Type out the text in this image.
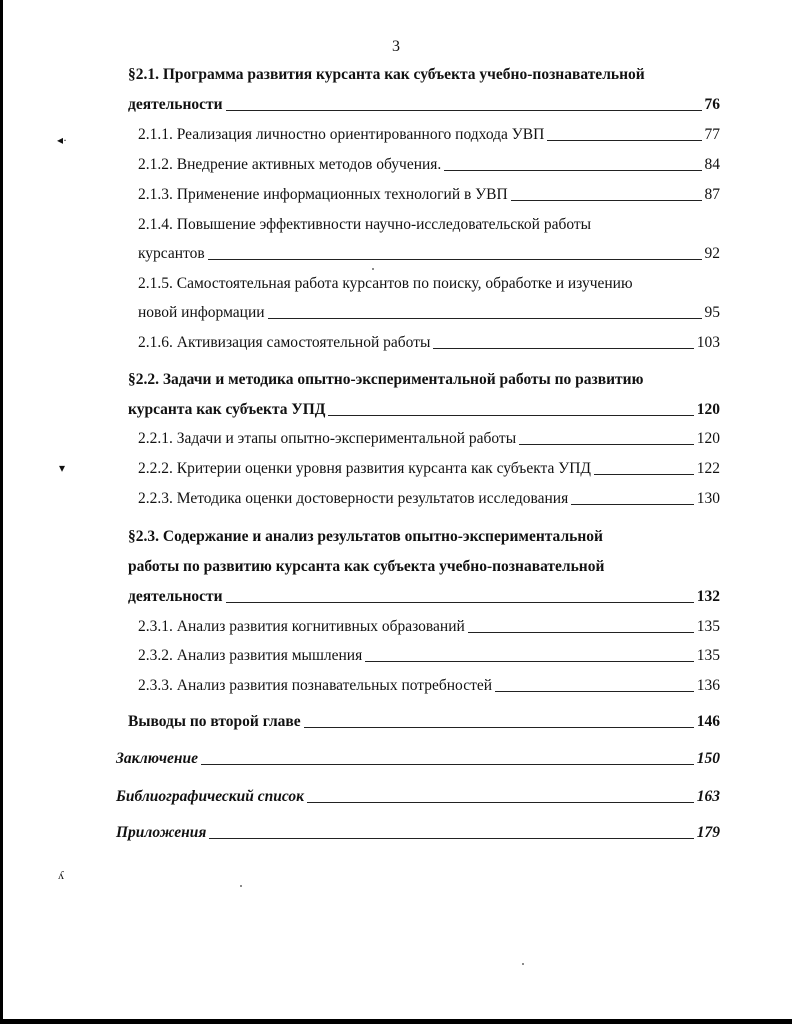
◂·
▾
ʎ
3
§2.1. Программа развития курсанта как субъекта учебно-познавательной
деятельности	76
2.1.1. Реализация личностно ориентированного подхода УВП	77
2.1.2. Внедрение активных методов обучения.	84
2.1.3. Применение информационных технологий в УВП	87
2.1.4. Повышение эффективности научно-исследовательской работы
курсантов	92
2.1.5. Самостоятельная работа курсантов по поиску, обработке и изучению
новой информации	95
2.1.6. Активизация самостоятельной работы	103
§2.2. Задачи и методика опытно-экспериментальной работы по развитию
курсанта как субъекта УПД	120
2.2.1. Задачи и этапы опытно-экспериментальной работы	120
2.2.2. Критерии оценки уровня развития курсанта как субъекта УПД	122
2.2.3. Методика оценки достоверности результатов исследования	130
§2.3. Содержание и анализ результатов опытно-экспериментальной
работы по развитию курсанта как субъекта учебно-познавательной
деятельности	132
2.3.1. Анализ развития когнитивных образований	135
2.3.2. Анализ развития мышления	135
2.3.3. Анализ развития познавательных потребностей	136
Выводы по второй главе	146
Заключение	150
Библиографический список	163
Приложения	179
